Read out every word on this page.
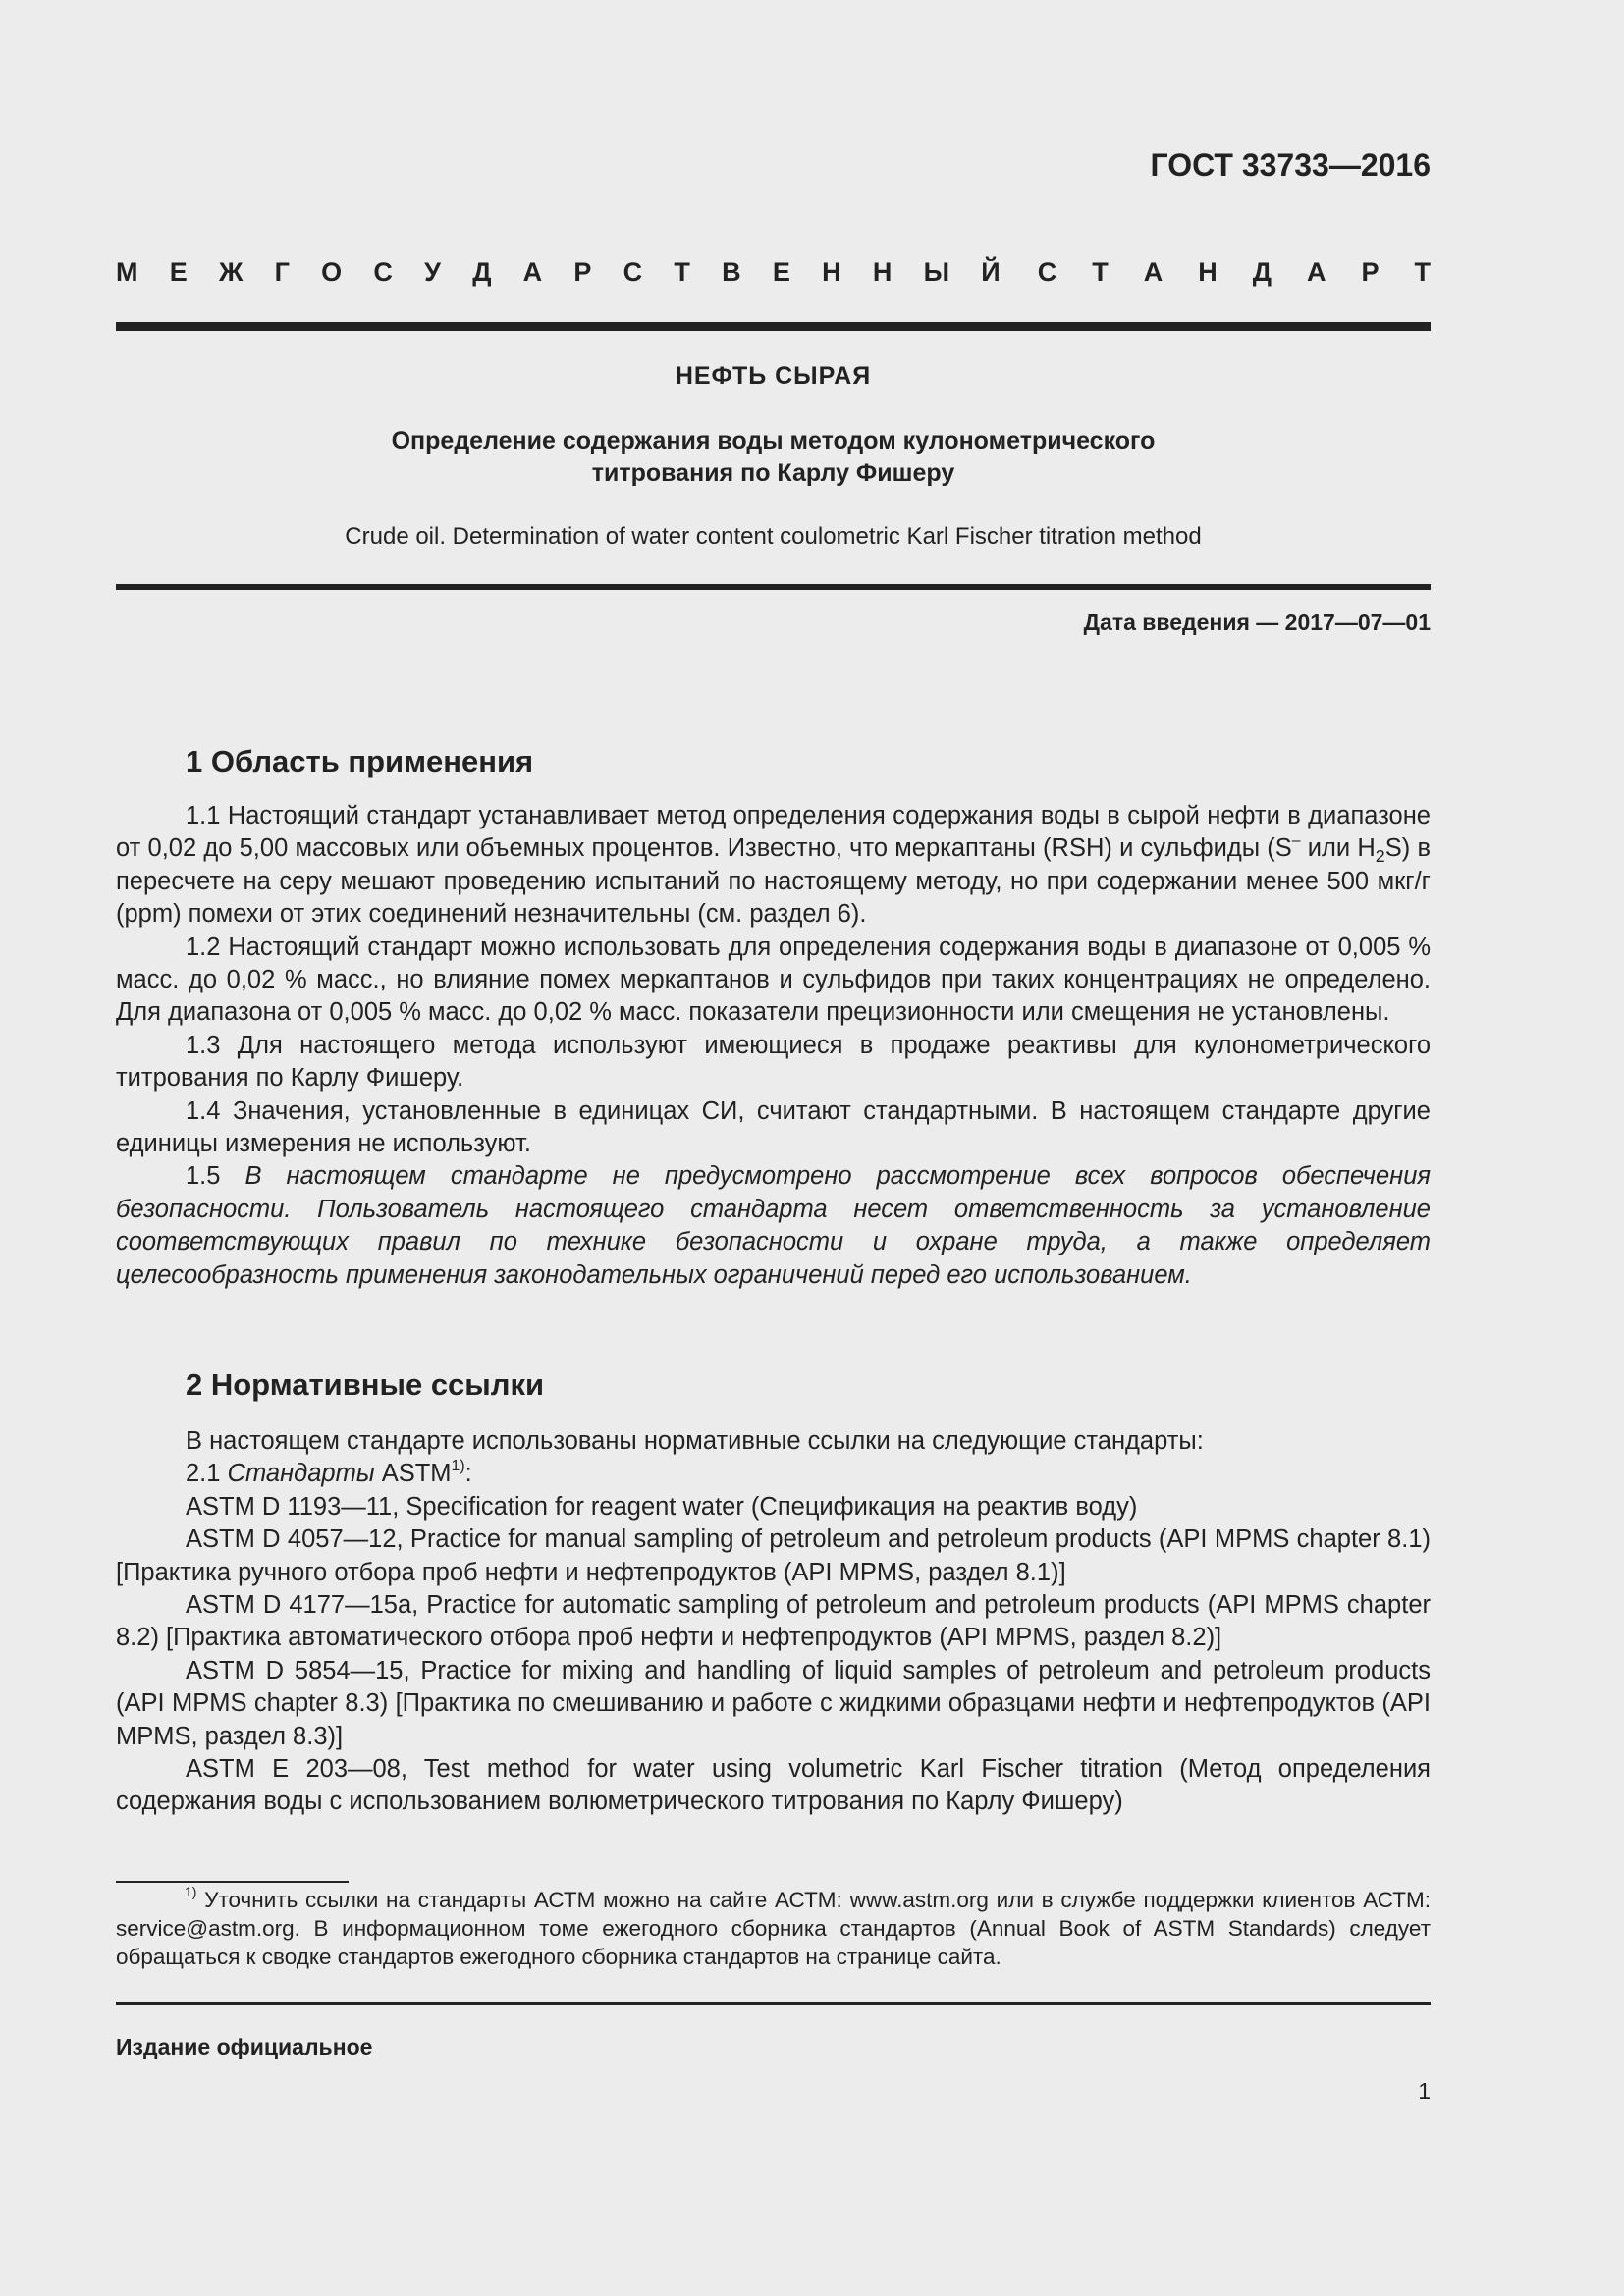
ГОСТ 33733—2016
М Е Ж Г О С У Д А Р С Т В Е Н Н Ы Й С Т А Н Д А Р Т
НЕФТЬ СЫРАЯ
Определение содержания воды методом кулонометрического
титрования по Карлу Фишеру
Crude oil. Determination of water content coulometric Karl Fischer titration method
Дата введения — 2017—07—01
1 Область применения

1.1 Настоящий стандарт устанавливает метод определения содержания воды в сырой нефти в диапазоне от 0,02 до 5,00 массовых или объемных процентов. Известно, что меркаптаны (RSH) и сульфиды (S– или $H_2S$) в пересчете на серу мешают проведению испытаний по настоящему методу, но при содержании менее 500 мкг/г (ppm) помехи от этих соединений незначительны (см. раздел 6).

1.2 Настоящий стандарт можно использовать для определения содержания воды в диапазоне от 0,005 % масс. до 0,02 % масс., но влияние помех меркаптанов и сульфидов при таких концентрациях не определено. Для диапазона от 0,005 % масс. до 0,02 % масс. показатели прецизионности или смещения не установлены.

1.3 Для настоящего метода используют имеющиеся в продаже реактивы для кулонометрического титрования по Карлу Фишеру.

1.4 Значения, установленные в единицах СИ, считают стандартными. В настоящем стандарте другие единицы измерения не используют.

1.5 В настоящем стандарте не предусмотрено рассмотрение всех вопросов обеспечения безопасности. Пользователь настоящего стандарта несет ответственность за установление соответствующих правил по технике безопасности и охране труда, а также определяет целесообразность применения законодательных ограничений перед его использованием.

2 Нормативные ссылки

В настоящем стандарте использованы нормативные ссылки на следующие стандарты:

2.1 Стандарты ASTM$^{1)}$:

ASTM D 1193—11, Specification for reagent water (Спецификация на реактив воду)

ASTM D 4057—12, Practice for manual sampling of petroleum and petroleum products (API MPMS chapter 8.1) [Практика ручного отбора проб нефти и нефтепродуктов (API MPMS, раздел 8.1)]

ASTM D 4177—15a, Practice for automatic sampling of petroleum and petroleum products (API MPMS chapter 8.2) [Практика автоматического отбора проб нефти и нефтепродуктов (API MPMS, раздел 8.2)]

ASTM D 5854—15, Practice for mixing and handling of liquid samples of petroleum and petroleum products (API MPMS chapter 8.3) [Практика по смешиванию и работе с жидкими образцами нефти и нефтепродуктов (API MPMS, раздел 8.3)]

ASTM E 203—08, Test method for water using volumetric Karl Fischer titration (Метод определения содержания воды с использованием волюметрического титрования по Карлу Фишеру)

$^{1)}$ Уточнить ссылки на стандарты АСТМ можно на сайте АСТМ: www.astm.org или в службе поддержки клиентов АСТМ: service@astm.org. В информационном томе ежегодного сборника стандартов (Annual Book of ASTM Standards) следует обращаться к сводке стандартов ежегодного сборника стандартов на странице сайта.

Издание официальное
1
